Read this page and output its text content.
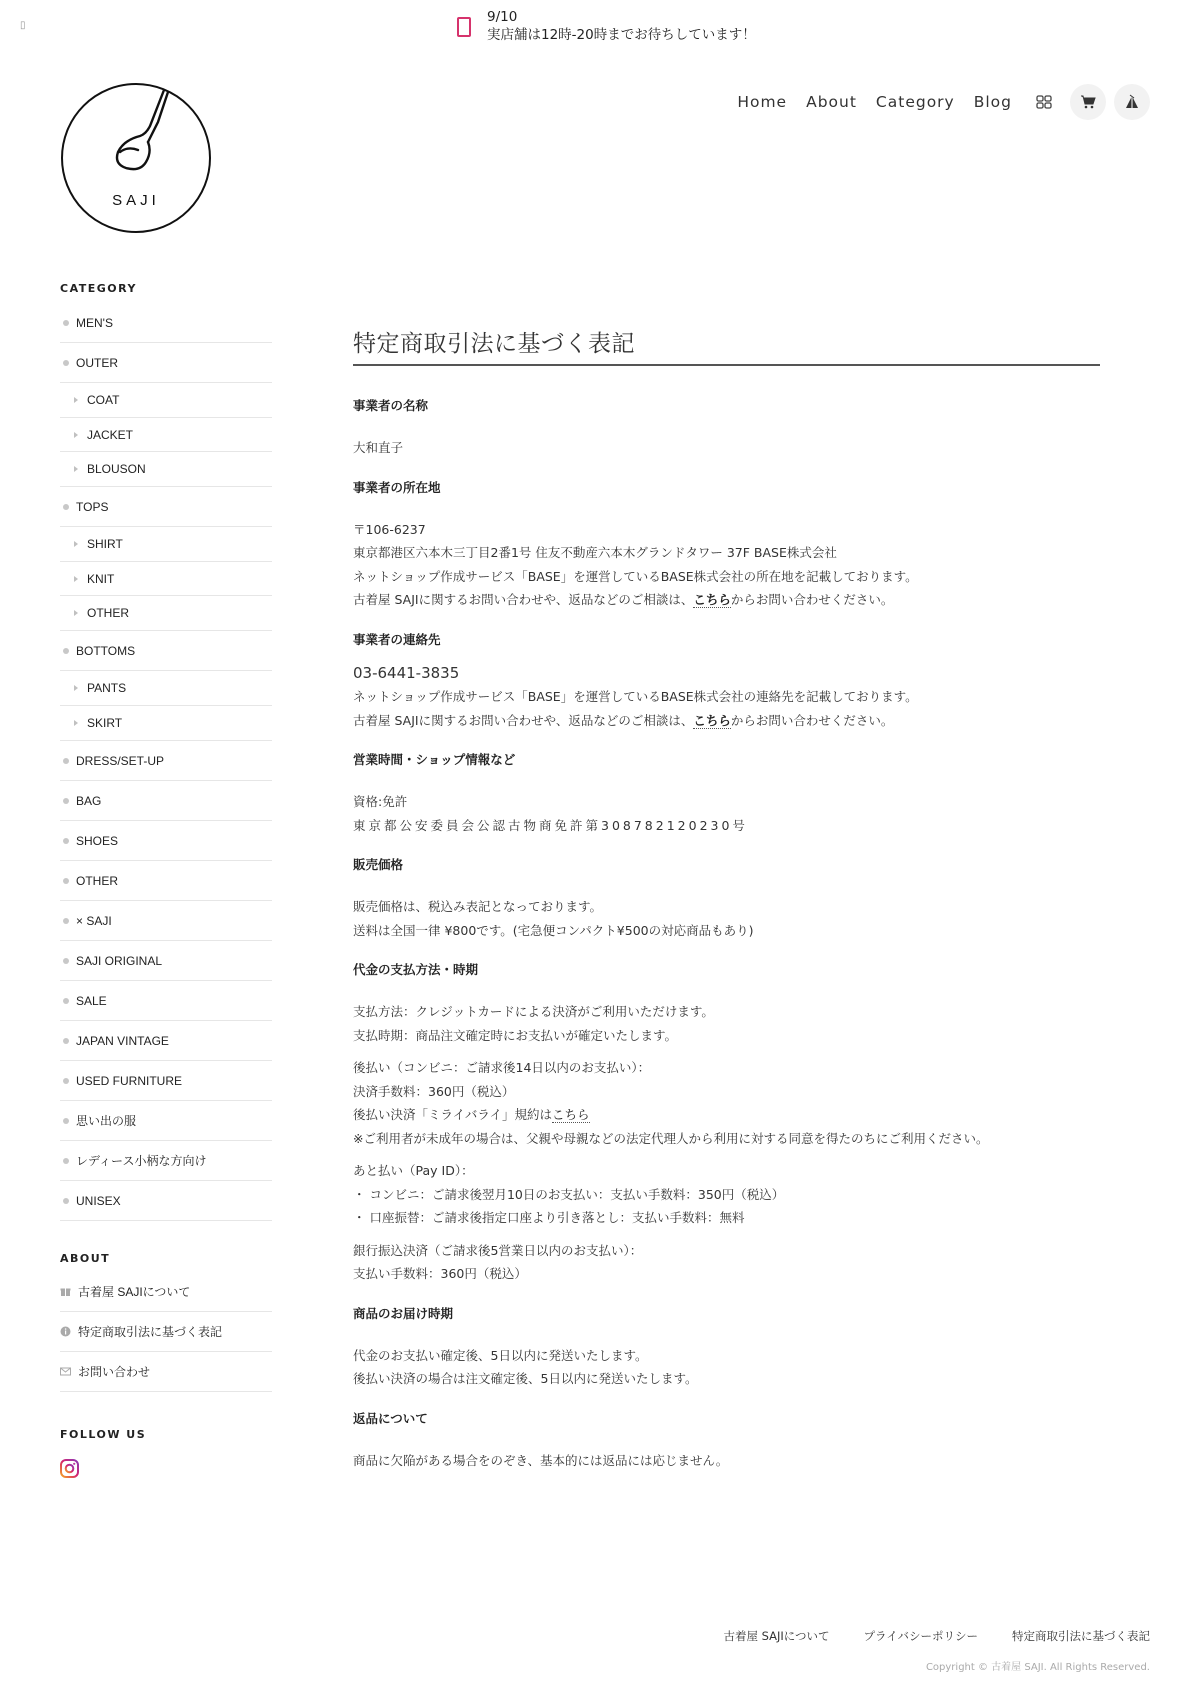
▯
9/10
実店舗は12時-20時までお待ちしています！
SAJI
Home About Category Blog
CATEGORY
MEN'S
OUTER
COAT
JACKET
BLOUSON
TOPS
SHIRT
KNIT
OTHER
BOTTOMS
PANTS
SKIRT
DRESS/SET-UP
BAG
SHOES
OTHER
× SAJI
SAJI ORIGINAL
SALE
JAPAN VINTAGE
USED FURNITURE
思い出の服
レディース小柄な方向け
UNISEX
ABOUT
古着屋 SAJIについて
特定商取引法に基づく表記
お問い合わせ
FOLLOW US
特定商取引法に基づく表記

事業者の名称

大和直子

事業者の所在地

〒106-6237

東京都港区六本木三丁目2番1号 住友不動産六本木グランドタワー 37F BASE株式会社

ネットショップ作成サービス「BASE」を運営しているBASE株式会社の所在地を記載しております。

古着屋 SAJIに関するお問い合わせや、返品などのご相談は、こちらからお問い合わせください。

事業者の連絡先

03-6441-3835

ネットショップ作成サービス「BASE」を運営しているBASE株式会社の連絡先を記載しております。

古着屋 SAJIに関するお問い合わせや、返品などのご相談は、こちらからお問い合わせください。

営業時間・ショップ情報など

資格:免許

東京都公安委員会公認古物商免許第308782120230号

販売価格

販売価格は、税込み表記となっております。

送料は全国一律 ¥800です。(宅急便コンパクト¥500の対応商品もあり)

代金の支払方法・時期

支払方法：クレジットカードによる決済がご利用いただけます。

支払時期：商品注文確定時にお支払いが確定いたします。

後払い（コンビニ：ご請求後14日以内のお支払い）：

決済手数料：360円（税込）

後払い決済「ミライバライ」規約はこちら

※ご利用者が未成年の場合は、父親や母親などの法定代理人から利用に対する同意を得たのちにご利用ください。

あと払い（Pay ID）：

・ コンビニ：ご請求後翌月10日のお支払い：支払い手数料：350円（税込）

・ 口座振替：ご請求後指定口座より引き落とし：支払い手数料：無料

銀行振込決済（ご請求後5営業日以内のお支払い）：

支払い手数料：360円（税込）

商品のお届け時期

代金のお支払い確定後、5日以内に発送いたします。

後払い決済の場合は注文確定後、5日以内に発送いたします。

返品について

商品に欠陥がある場合をのぞき、基本的には返品には応じません。

古着屋 SAJIについて	プライバシーポリシー	特定商取引法に基づく表記
Copyright © 古着屋 SAJI. All Rights Reserved.
